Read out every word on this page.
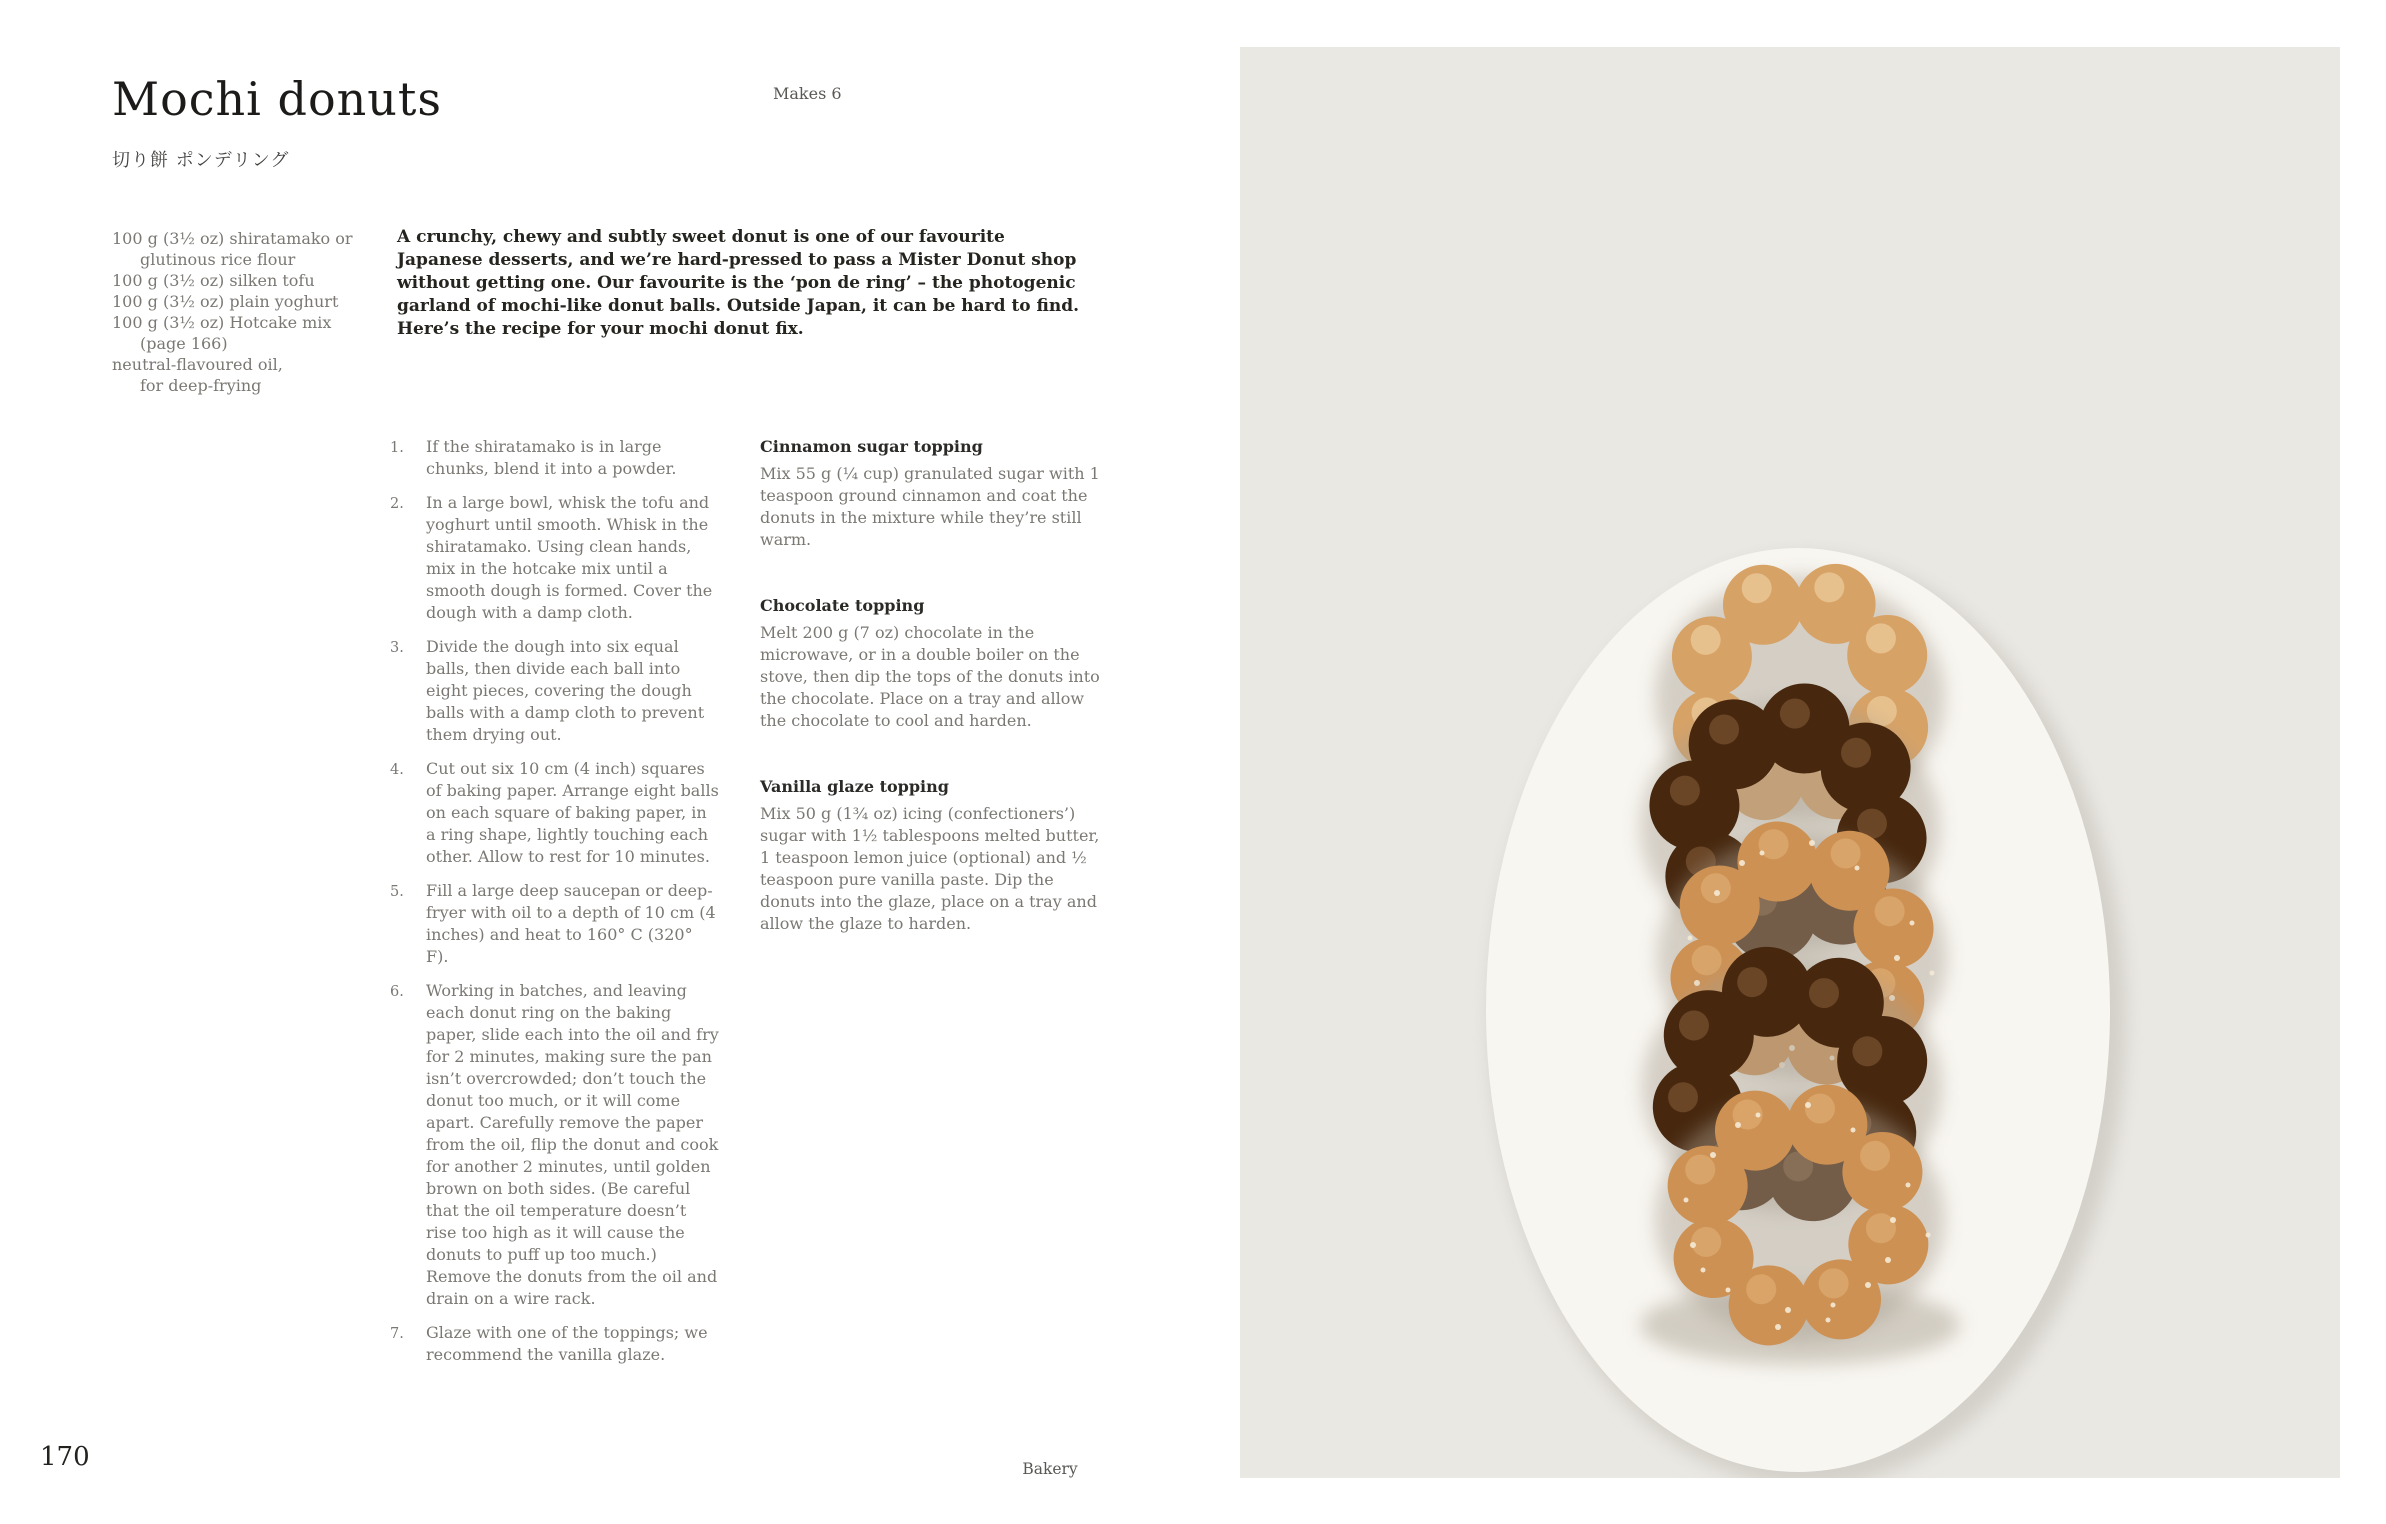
Mochi donuts
切り餅 ポンデリング
Makes 6
100 g (3½ oz) shiratamako or
glutinous rice flour
100 g (3½ oz) silken tofu
100 g (3½ oz) plain yoghurt
100 g (3½ oz) Hotcake mix
(page 166)
neutral-flavoured oil,
for deep-frying

A crunchy, chewy and subtly sweet donut is one of our favourite Japanese desserts, and we’re hard-pressed to pass a Mister Donut shop without getting one. Our favourite is the ‘pon de ring’ – the photogenic garland of mochi-like donut balls. Outside Japan, it can be hard to find. Here’s the recipe for your mochi donut fix.

1.	If the shiratamako is in large chunks, blend it into a powder.
2.	In a large bowl, whisk the tofu and yoghurt until smooth. Whisk in the shiratamako. Using clean hands, mix in the hotcake mix until a smooth dough is formed. Cover the dough with a damp cloth.
3.	Divide the dough into six equal balls, then divide each ball into eight pieces, covering the dough balls with a damp cloth to prevent them drying out.
4.	Cut out six 10 cm (4 inch) squares of baking paper. Arrange eight balls on each square of baking paper, in a ring shape, lightly touching each other. Allow to rest for 10 minutes.
5.	Fill a large deep saucepan or deep-fryer with oil to a depth of 10 cm (4 inches) and heat to 160° C (320° F).
6.	Working in batches, and leaving each donut ring on the baking paper, slide each into the oil and fry for 2 minutes, making sure the pan isn’t overcrowded; don’t touch the donut too much, or it will come apart. Carefully remove the paper from the oil, flip the donut and cook for another 2 minutes, until golden brown on both sides. (Be careful that the oil temperature doesn’t rise too high as it will cause the donuts to puff up too much.) Remove the donuts from the oil and drain on a wire rack.
7.	Glaze with one of the toppings; we recommend the vanilla glaze.
Cinnamon sugar topping

Mix 55 g (¼ cup) granulated sugar with 1 teaspoon ground cinnamon and coat the donuts in the mixture while they’re still warm.

Chocolate topping

Melt 200 g (7 oz) chocolate in the microwave, or in a double boiler on the stove, then dip the tops of the donuts into the chocolate. Place on a tray and allow the chocolate to cool and harden.

Vanilla glaze topping

Mix 50 g (1¾ oz) icing (confectioners’) sugar with 1½ tablespoons melted butter, 1 teaspoon lemon juice (optional) and ½ teaspoon pure vanilla paste. Dip the donuts into the glaze, place on a tray and allow the glaze to harden.

170	Bakery
